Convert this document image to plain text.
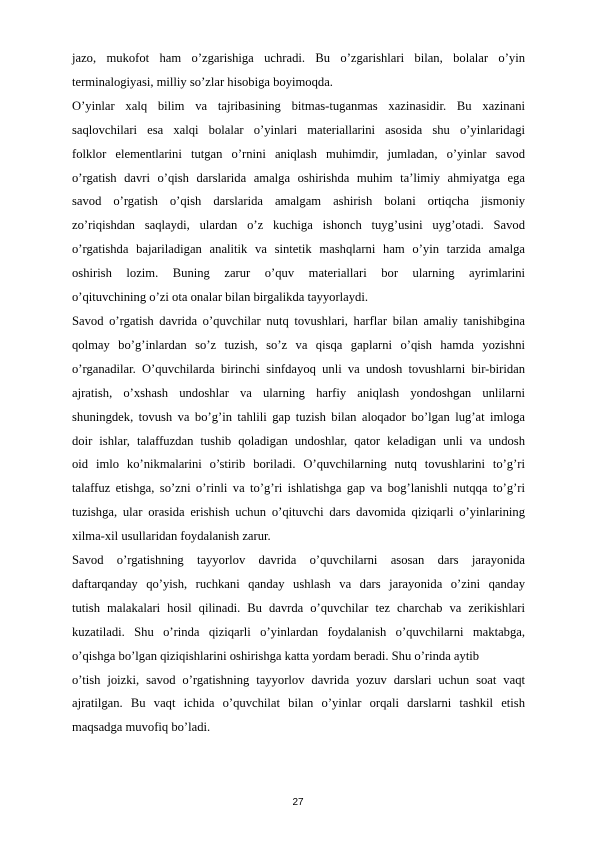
jazo, mukofot ham o’zgarishiga uchradi. Bu o’zgarishlari bilan, bolalar o’yin
terminalogiyasi, milliy so’zlar hisobiga boyimoqda.

O’yinlar xalq bilim va tajribasining bitmas-tuganmas xazinasidir. Bu xazinani
saqlovchilari esa xalqi bolalar o’yinlari materiallarini asosida shu o’yinlaridagi
folklor elementlarini tutgan o’rnini aniqlash muhimdir, jumladan, o’yinlar savod
o’rgatish davri o’qish darslarida amalga oshirishda muhim ta’limiy ahmiyatga ega
savod o’rgatish o’qish darslarida amalgam ashirish bolani ortiqcha jismoniy
zo’riqishdan saqlaydi, ulardan o’z kuchiga ishonch tuyg’usini uyg’otadi. Savod
o’rgatishda bajariladigan analitik va sintetik mashqlarni ham o’yin tarzida amalga
oshirish lozim. Buning zarur o’quv materiallari bor ularning ayrimlarini
o’qituvchining o’zi ota onalar bilan birgalikda tayyorlaydi.

Savod o’rgatish davrida o’quvchilar nutq tovushlari, harflar bilan amaliy tanishibgina
qolmay bo’g’inlardan so’z tuzish, so’z va qisqa gaplarni o’qish hamda yozishni
o’rganadilar. O’quvchilarda birinchi sinfdayoq unli va undosh tovushlarni bir-biridan
ajratish, o’xshash undoshlar va ularning harfiy aniqlash yondoshgan unlilarni
shuningdek, tovush va bo’g’in tahlili gap tuzish bilan aloqador bo’lgan lug’at imloga
doir ishlar, talaffuzdan tushib qoladigan undoshlar, qator keladigan unli va undosh
oid imlo ko’nikmalarini o’stirib boriladi. O’quvchilarning nutq tovushlarini to’g’ri
talaffuz etishga, so’zni o’rinli va to’g’ri ishlatishga gap va bog’lanishli nutqqa to’g’ri
tuzishga, ular orasida erishish uchun o’qituvchi dars davomida qiziqarli o’yinlarining
xilma-xil usullaridan foydalanish zarur.

Savod o’rgatishning tayyorlov davrida o’quvchilarni asosan dars jarayonida
daftarqanday qo’yish, ruchkani qanday ushlash va dars jarayonida o’zini qanday
tutish malakalari hosil qilinadi. Bu davrda o’quvchilar tez charchab va zerikishlari
kuzatiladi. Shu o’rinda qiziqarli o’yinlardan foydalanish o’quvchilarni maktabga,
o’qishga bo’lgan qiziqishlarini oshirishga katta yordam beradi. Shu o’rinda aytib

o’tish joizki, savod o’rgatishning tayyorlov davrida yozuv darslari uchun soat vaqt
ajratilgan. Bu vaqt ichida o’quvchilat bilan o’yinlar orqali darslarni tashkil etish
maqsadga muvofiq bo’ladi.

27
